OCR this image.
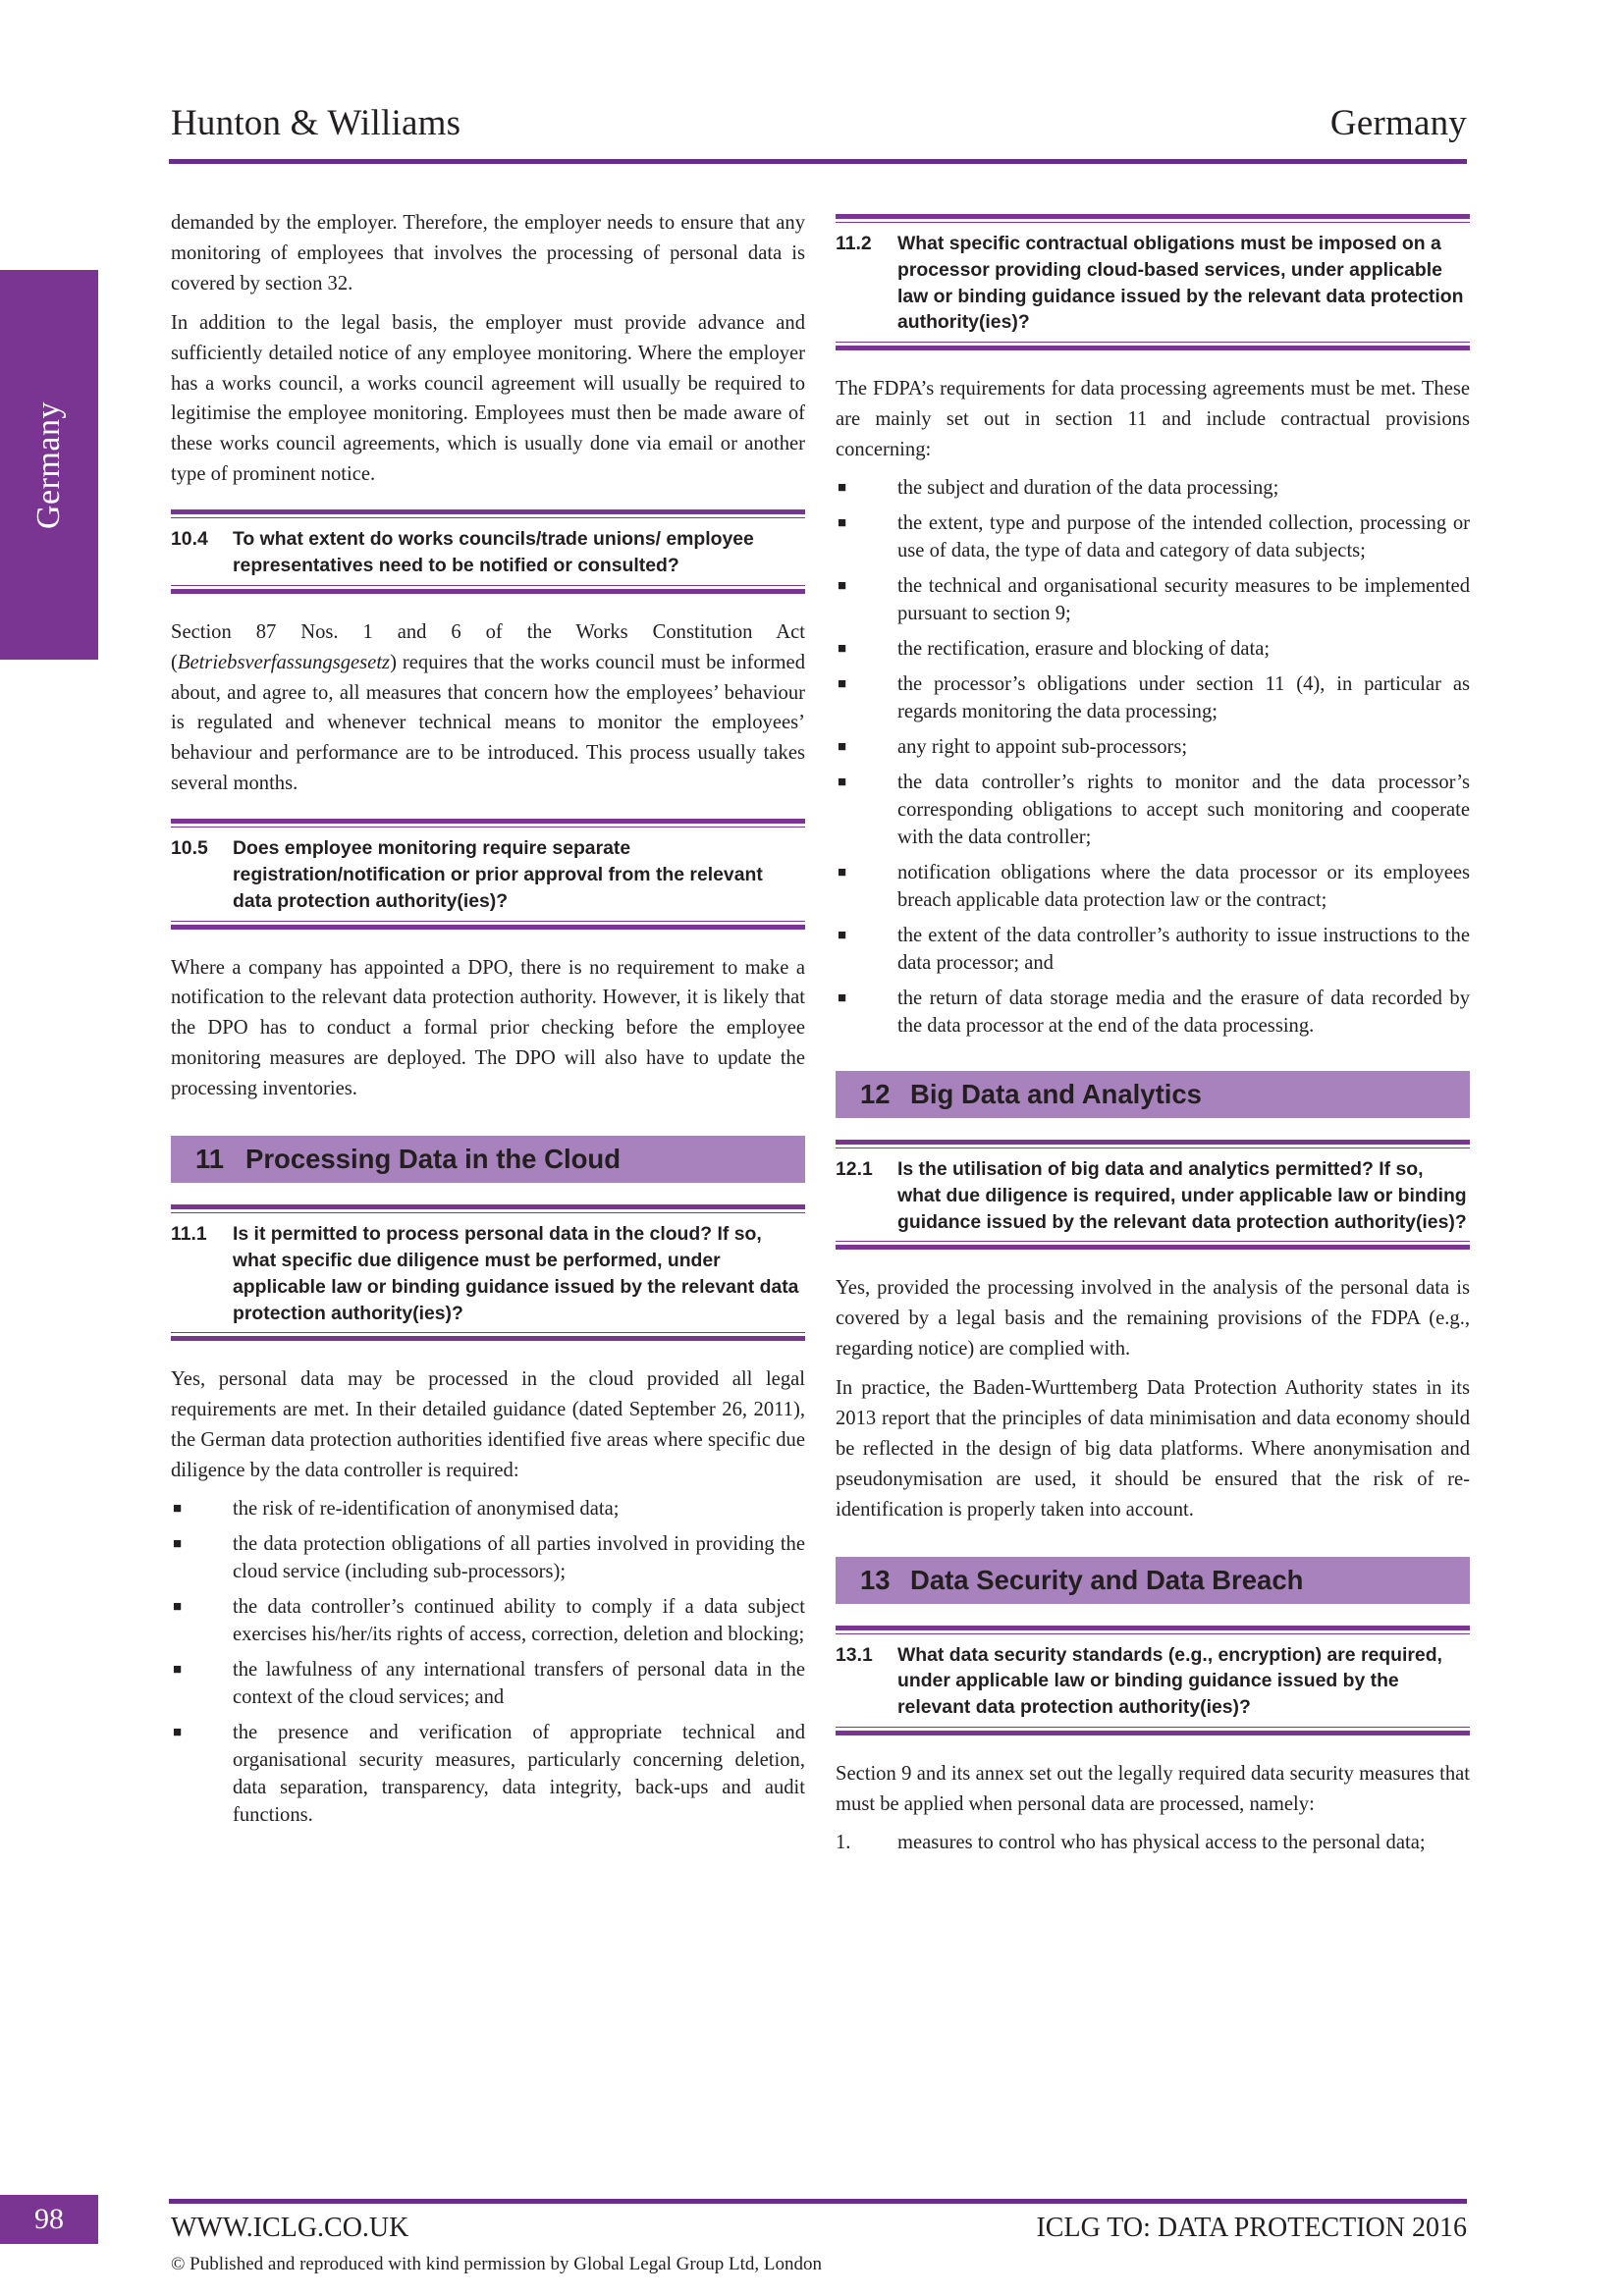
Hunton & Williams	Germany
Germany

demanded by the employer. Therefore, the employer needs to ensure that any monitoring of employees that involves the processing of personal data is covered by section 32.

In addition to the legal basis, the employer must provide advance and sufficiently detailed notice of any employee monitoring. Where the employer has a works council, a works council agreement will usually be required to legitimise the employee monitoring. Employees must then be made aware of these works council agreements, which is usually done via email or another type of prominent notice.

10.4	To what extent do works councils/trade unions/ employee representatives need to be notified or consulted?

Section 87 Nos. 1 and 6 of the Works Constitution Act (Betriebsverfassungsgesetz) requires that the works council must be informed about, and agree to, all measures that concern how the employees’ behaviour is regulated and whenever technical means to monitor the employees’ behaviour and performance are to be introduced. This process usually takes several months.

10.5	Does employee monitoring require separate registration/notification or prior approval from the relevant data protection authority(ies)?

Where a company has appointed a DPO, there is no requirement to make a notification to the relevant data protection authority. However, it is likely that the DPO has to conduct a formal prior checking before the employee monitoring measures are deployed. The DPO will also have to update the processing inventories.

11 Processing Data in the Cloud
11.1	Is it permitted to process personal data in the cloud? If so, what specific due diligence must be performed, under applicable law or binding guidance issued by the relevant data protection authority(ies)?

Yes, personal data may be processed in the cloud provided all legal requirements are met. In their detailed guidance (dated September 26, 2011), the German data protection authorities identified five areas where specific due diligence by the data controller is required:

■	the risk of re-identification of anonymised data;
■	the data protection obligations of all parties involved in providing the cloud service (including sub-processors);
■	the data controller’s continued ability to comply if a data subject exercises his/her/its rights of access, correction, deletion and blocking;
■	the lawfulness of any international transfers of personal data in the context of the cloud services; and
■	the presence and verification of appropriate technical and organisational security measures, particularly concerning deletion, data separation, transparency, data integrity, back-ups and audit functions.
11.2	What specific contractual obligations must be imposed on a processor providing cloud-based services, under applicable law or binding guidance issued by the relevant data protection authority(ies)?

The FDPA’s requirements for data processing agreements must be met. These are mainly set out in section 11 and include contractual provisions concerning:

■	the subject and duration of the data processing;
■	the extent, type and purpose of the intended collection, processing or use of data, the type of data and category of data subjects;
■	the technical and organisational security measures to be implemented pursuant to section 9;
■	the rectification, erasure and blocking of data;
■	the processor’s obligations under section 11 (4), in particular as regards monitoring the data processing;
■	any right to appoint sub-processors;
■	the data controller’s rights to monitor and the data processor’s corresponding obligations to accept such monitoring and cooperate with the data controller;
■	notification obligations where the data processor or its employees breach applicable data protection law or the contract;
■	the extent of the data controller’s authority to issue instructions to the data processor; and
■	the return of data storage media and the erasure of data recorded by the data processor at the end of the data processing.
12 Big Data and Analytics
12.1	Is the utilisation of big data and analytics permitted? If so, what due diligence is required, under applicable law or binding guidance issued by the relevant data protection authority(ies)?

Yes, provided the processing involved in the analysis of the personal data is covered by a legal basis and the remaining provisions of the FDPA (e.g., regarding notice) are complied with.

In practice, the Baden-Wurttemberg Data Protection Authority states in its 2013 report that the principles of data minimisation and data economy should be reflected in the design of big data platforms. Where anonymisation and pseudonymisation are used, it should be ensured that the risk of re-identification is properly taken into account.

13 Data Security and Data Breach
13.1	What data security standards (e.g., encryption) are required, under applicable law or binding guidance issued by the relevant data protection authority(ies)?

Section 9 and its annex set out the legally required data security measures that must be applied when personal data are processed, namely:

1. measures to control who has physical access to the personal data;
98	WWW.ICLG.CO.UK	ICLG TO: DATA PROTECTION 2016
© Published and reproduced with kind permission by Global Legal Group Ltd, London
